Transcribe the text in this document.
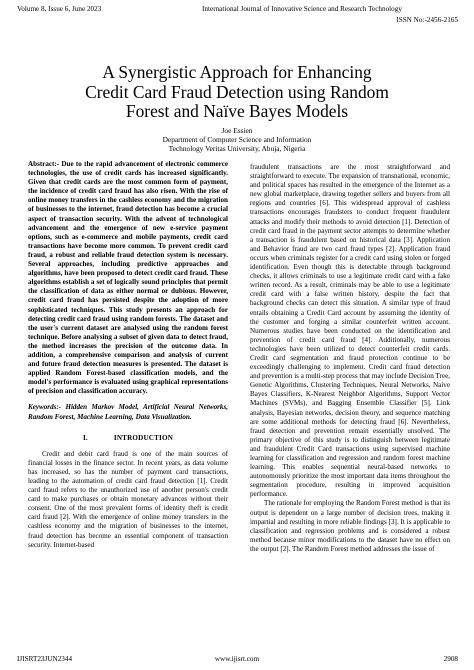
Volume 8, Issue 6, June 2023	International Journal of Innovative Science and Research Technology
ISSN No:-2456-2165
A Synergistic Approach for Enhancing
Credit Card Fraud Detection using Random
Forest and Naïve Bayes Models
Joe Essien
Department of Computer Science and Information
Technology Veritas University, Abuja, Nigeria

Abstract:- Due to the rapid advancement of electronic commerce technologies, the use of credit cards has increased significantly. Given that credit cards are the most common form of payment, the incidence of credit card fraud has also risen. With the rise of online money transfers in the cashless economy and the migration of businesses to the internet, fraud detection has become a crucial aspect of transaction security. With the advent of technological advancement and the emergence of new e-service payment options, such as e-commerce and mobile payments, credit card transactions have become more common. To prevent credit card fraud, a robust and reliable fraud detection system is necessary. Several approaches, including predictive approaches and algorithms, have been proposed to detect credit card fraud. These algorithms establish a set of logically sound principles that permit the classification of data as either normal or dubious. However, credit card fraud has persisted despite the adoption of more sophisticated techniques. This study presents an approach for detecting credit card fraud using random forests. The dataset and the user's current dataset are analysed using the random forest technique. Before analysing a subset of given data to detect fraud, the method increases the precision of the outcome data. In addition, a comprehensive comparison and analysis of current and future fraud detection measures is presented. The dataset is applied Random Forest-based classification models, and the model's performance is evaluated using graphical representations of precision and classification accuracy.

Keywords:- Hidden Markov Model, Artificial Neural Networks, Random Forest, Machine Learning, Data Visualization.

I.	INTRODUCTION

Credit and debit card fraud is one of the main sources of financial losses in the finance sector. In recent years, as data volume has increased, so has the number of payment card transactions, leading to the automation of credit card fraud detection [1]. Credit card fraud refers to the unauthorized use of another person's credit card to make purchases or obtain monetary advances without their consent. One of the most prevalent forms of identity theft is credit card fraud [2]. With the emergence of online money transfers in the cashless economy and the migration of businesses to the internet, fraud detection has become an essential component of transaction security. Internet-based

fraudulent transactions are the most straightforward and straightforward to execute. The expansion of transnational, economic, and political spaces has resulted in the emergence of the Internet as a new global marketplace, drawing together sellers and buyers from all regions and countries [6]. This widespread approval of cashless transactions encourages fraudsters to conduct frequent fraudulent attacks and modify their methods to avoid detection [1]. Detection of credit card fraud in the payment sector attempts to determine whether a transaction is fraudulent based on historical data [3]. Application and Behavior fraud are two card fraud types [2]. Application fraud occurs when criminals register for a credit card using stolen or forged identification. Even though this is detectable through background checks, it allows criminals to use a legitimate credit card with a fake written record. As a result, criminals may be able to use a legitimate credit card with a false written history, despite the fact that background checks can detect this situation. A similar type of fraud entails obtaining a Credit Card account by assuming the identity of the customer and forging a similar counterfeit written account. Numerous studies have been conducted on the identification and prevention of credit card fraud [4]. Additionally, numerous technologies have been utilized to detect counterfeit credit cards. Credit card segmentation and fraud protection continue to be exceedingly challenging to implement. Credit card fraud detection and prevention is a multi-step process that may include Decision Tree, Genetic Algorithms, Clustering Techniques, Neural Networks, Naive Bayes Classifiers, K-Nearest Neighbor Algorithms, Support Vector Machines (SVMs), and Bagging Ensemble Classifier [5]. Link analysis, Bayesian networks, decision theory, and sequence matching are some additional methods for detecting fraud [6]. Nevertheless, fraud detection and prevention remain essentially unsolved. The primary objective of this study is to distinguish between legitimate and fraudulent Credit Card transactions using supervised machine learning for classification and regression and random forest machine learning. This enables sequential neural-based networks to autonomously prioritize the most important data items throughout the segmentation procedure, resulting in improved acquisition performance.

The rationale for employing the Random Forest method is that its output is dependent on a large number of decision trees, making it impartial and resulting in more reliable findings [3]. It is applicable to classification and regression problems and is considered a robust method because minor modifications to the dataset have no effect on the output [2]. The Random Forest method addresses the issue of

IJISRT23JUN2344	www.ijisrt.com	2908
